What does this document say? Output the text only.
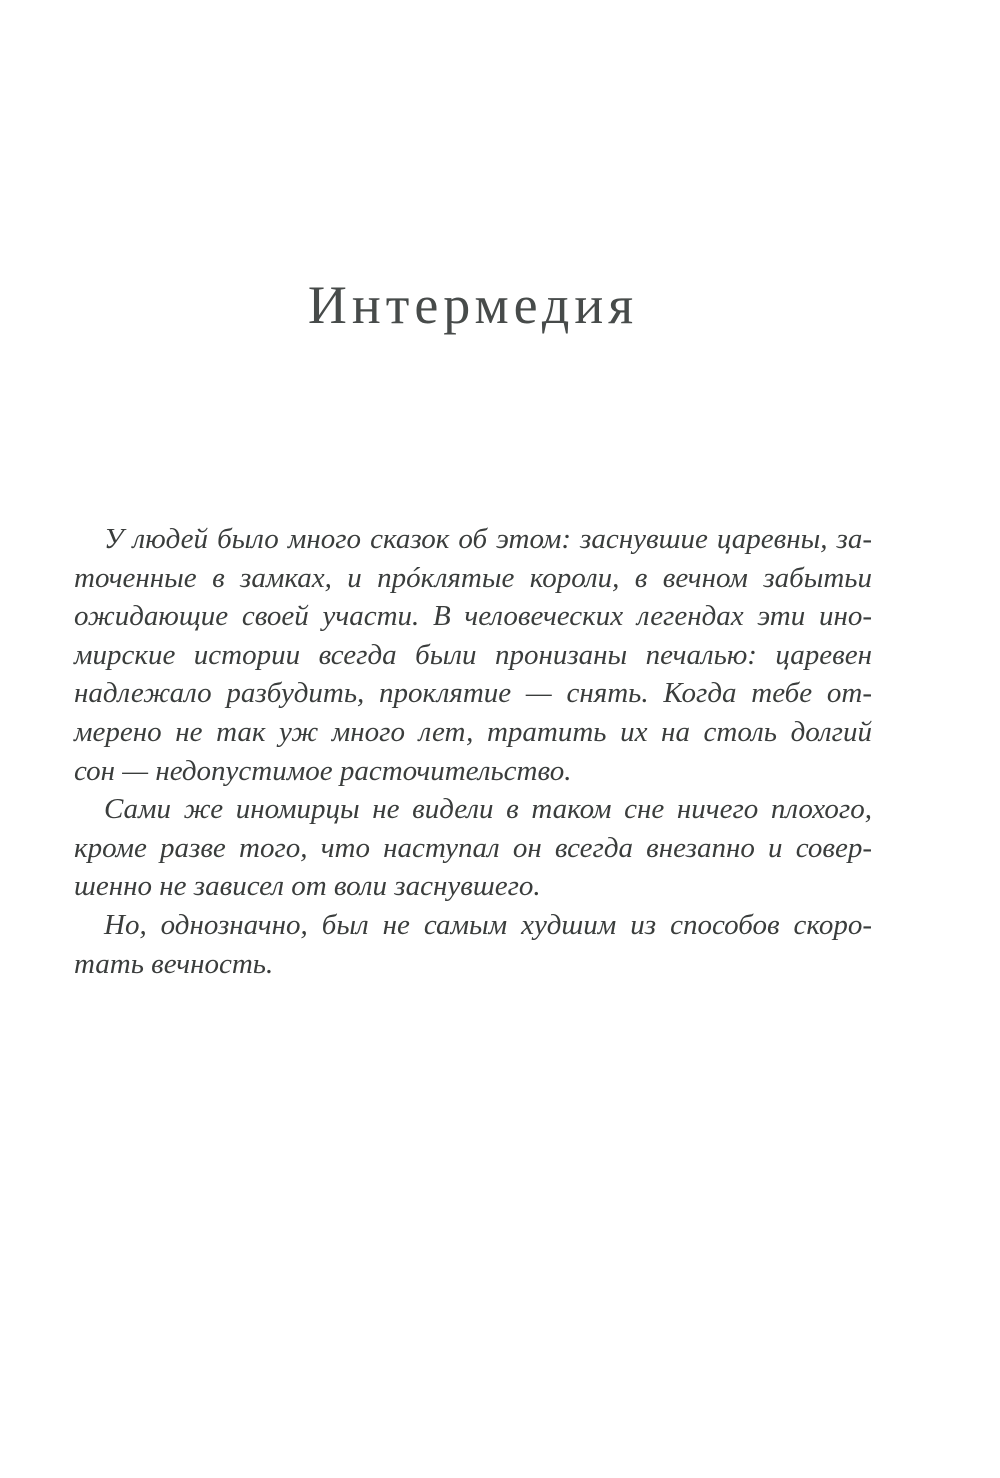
Интермедия
У людей было много сказок об этом: заснувшие царевны, за-
точенные в замках, и прóклятые короли, в вечном забытьи
ожидающие своей участи. В человеческих легендах эти ино-
мирские истории всегда были пронизаны печалью: царевен
надлежало разбудить, проклятие — снять. Когда тебе от-
мерено не так уж много лет, тратить их на столь долгий
сон — недопустимое расточительство.
Сами же иномирцы не видели в таком сне ничего плохого,
кроме разве того, что наступал он всегда внезапно и совер-
шенно не зависел от воли заснувшего.
Но, однозначно, был не самым худшим из способов скоро-
тать вечность.
